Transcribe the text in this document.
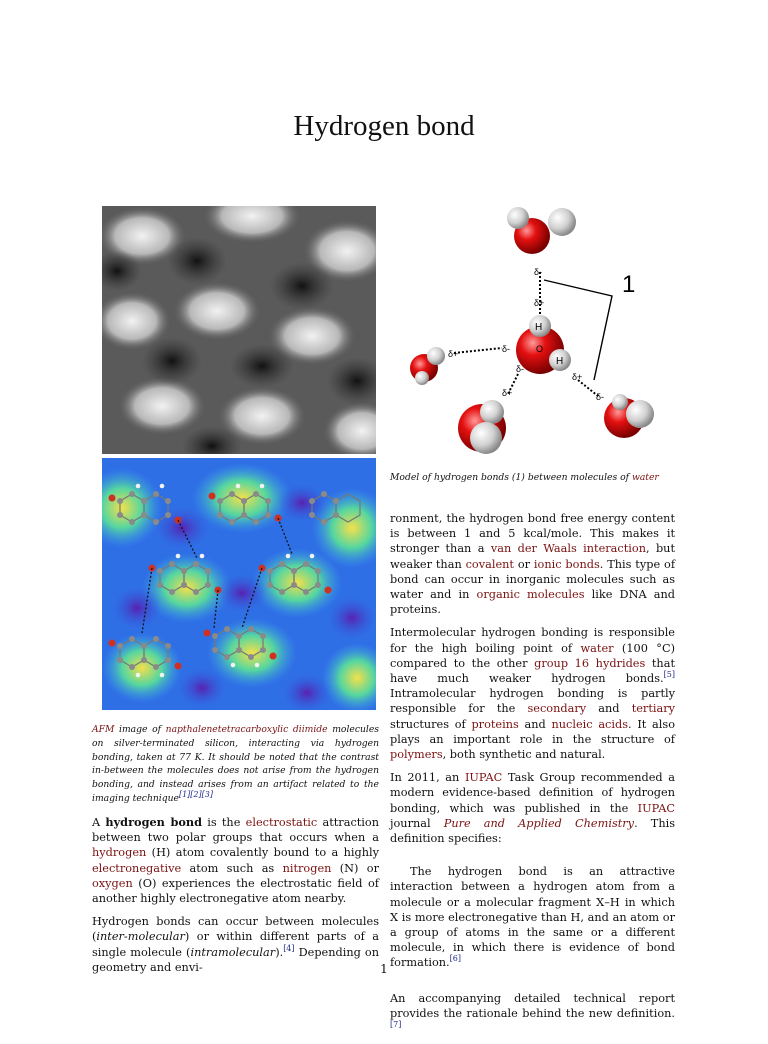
Hydrogen bond
δ-
δ+
H
O
H
δ-
δ+
δ-
δ+
δ+
δ-
1
Model of hydrogen bonds (1) between molecules of water
AFM image of napthalenetetracarboxylic diimide molecules on silver-terminated silicon, interacting via hydrogen bonding, taken at 77 K. It should be noted that the contrast in-between the molecules does not arise from the hydrogen bonding, and instead arises from an artifact related to the imaging technique[1][2][3]

A hydrogen bond is the electrostatic attraction between two polar groups that occurs when a hydrogen (H) atom covalently bound to a highly electronegative atom such as nitrogen (N) or oxygen (O) experiences the electrostatic field of another highly electronegative atom nearby.

Hydrogen bonds can occur between molecules (inter-molecular) or within different parts of a single molecule (intramolecular).[4] Depending on geometry and envi-

ronment, the hydrogen bond free energy content is between 1 and 5 kcal/mole. This makes it stronger than a van der Waals interaction, but weaker than covalent or ionic bonds. This type of bond can occur in inorganic molecules such as water and in organic molecules like DNA and proteins.

Intermolecular hydrogen bonding is responsible for the high boiling point of water (100 °C) compared to the other group 16 hydrides that have much weaker hydrogen bonds.[5] Intramolecular hydrogen bonding is partly responsible for the secondary and tertiary structures of proteins and nucleic acids. It also plays an important role in the structure of polymers, both synthetic and natural.

In 2011, an IUPAC Task Group recommended a modern evidence-based definition of hydrogen bonding, which was published in the IUPAC journal Pure and Applied Chemistry. This definition specifies:

The hydrogen bond is an attractive interaction between a hydrogen atom from a molecule or a molecular fragment X–H in which X is more electronegative than H, and an atom or a group of atoms in the same or a different molecule, in which there is evidence of bond formation.[6]

An accompanying detailed technical report provides the rationale behind the new definition.[7]

1
